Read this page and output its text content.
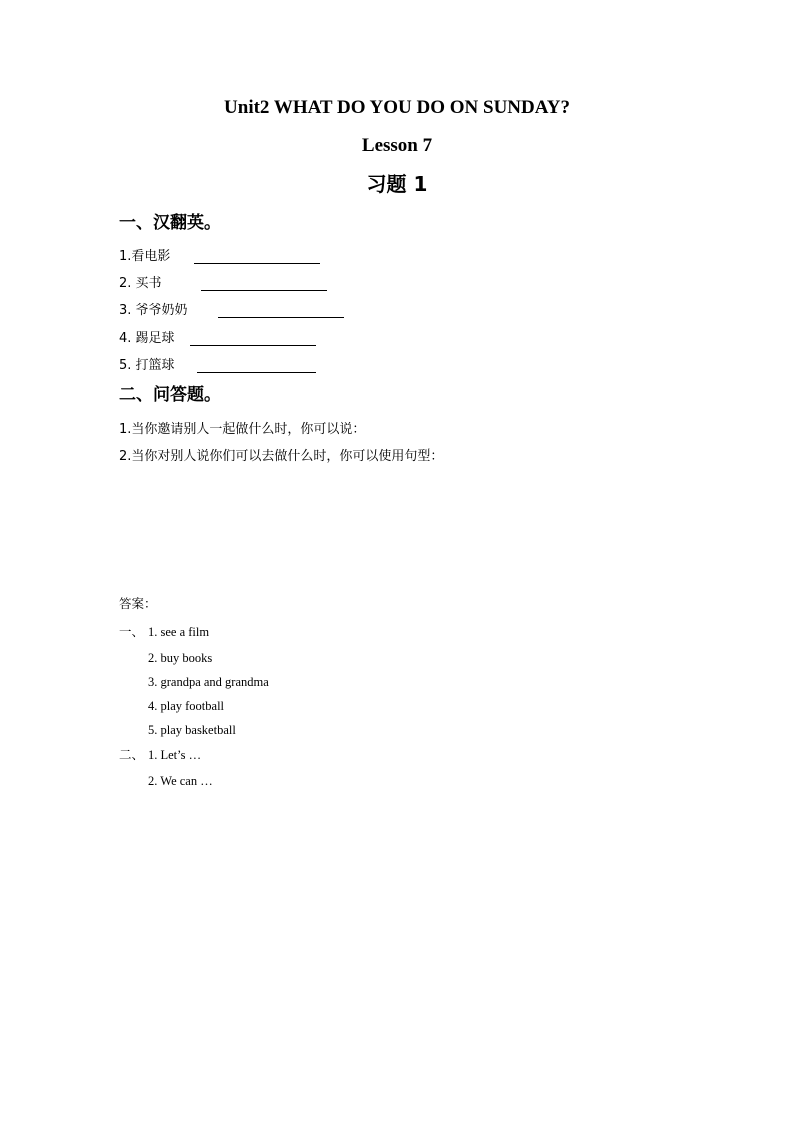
Unit2 WHAT DO YOU DO ON SUNDAY?
Lesson 7
习题 1
一、汉翻英。
1.看电影
2. 买书
3. 爷爷奶奶
4. 踢足球
5. 打篮球
二、问答题。
1.当你邀请别人一起做什么时，你可以说：
2.当你对别人说你们可以去做什么时，你可以使用句型：
答案：
一、 1. see a film
2. buy books
3. grandpa and grandma
4. play football
5. play basketball
二、 1. Let’s …
2. We can …
